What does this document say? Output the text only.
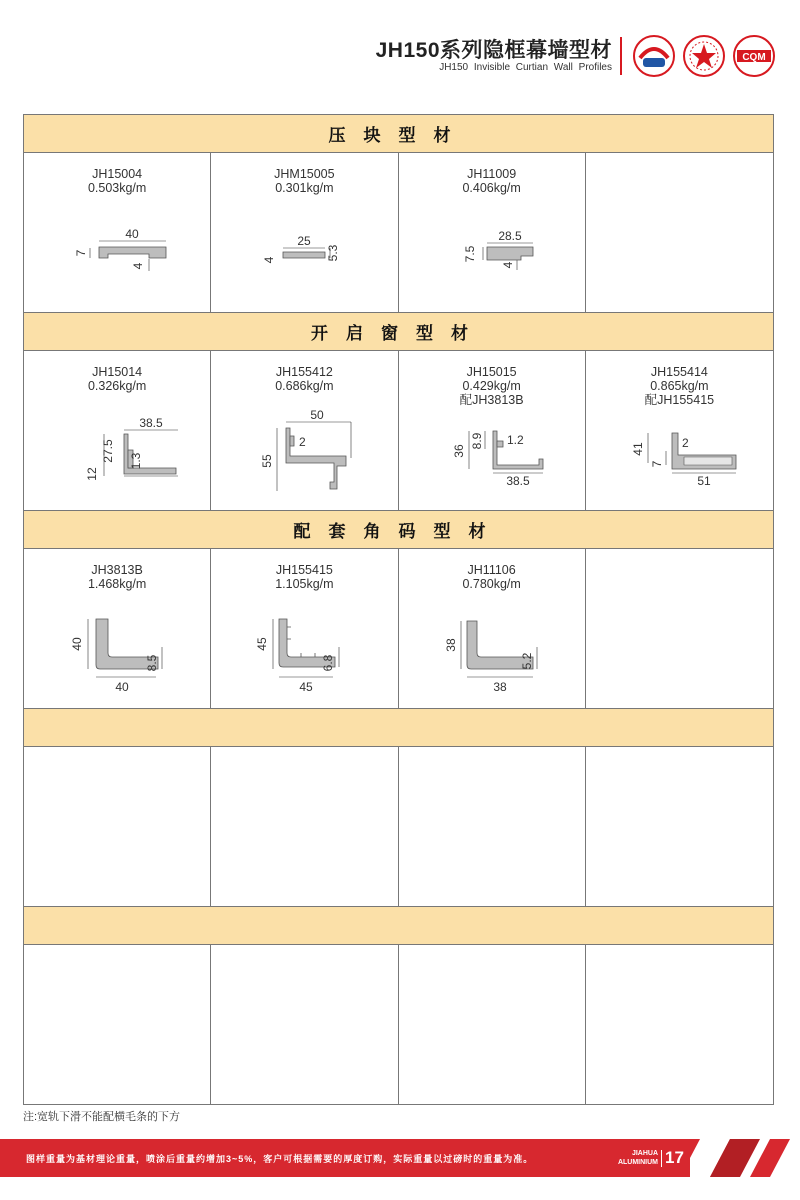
JH150系列隐框幕墙型材
JH150 Invisible Curtian Wall Profiles
CQM
压块型材
JH15004
0.503kg/m
40
7
4
JHM15005
0.301kg/m
25
5.3
4
JH11009
0.406kg/m
28.5
7.5
4
开启窗型材
JH15014
0.326kg/m
38.5
12
27.5 1.3
JH155412
0.686kg/m
50
55
2
JH15015
0.429kg/m
配JH3813B
38.5
36
8.9 1.2
JH155414
0.865kg/m
配JH155415
51
41
7
2
配套角码型材
JH3813B
1.468kg/m
40
40
8.5
JH155415
1.105kg/m
45
45
6.8
JH11106
0.780kg/m
38
38
5.2
注:宽轨下滑不能配横毛条的下方
图样重量为基材理论重量，喷涂后重量约增加3~5%，客户可根据需要的厚度订购，实际重量以过磅时的重量为准。
JIAHUA
ALUMINIUM 17
